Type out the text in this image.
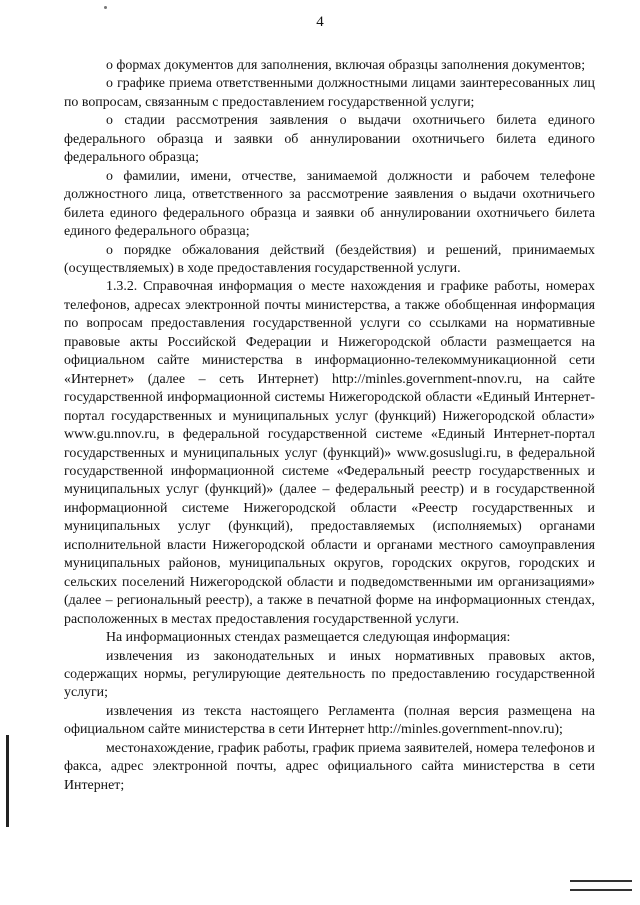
4

о формах документов для заполнения, включая образцы заполнения документов;

о графике приема ответственными должностными лицами заинтересованных лиц по вопросам, связанным с предоставлением государственной услуги;

о стадии рассмотрения заявления о выдачи охотничьего билета единого федерального образца и заявки об аннулировании охотничьего билета единого федерального образца;

о фамилии, имени, отчестве, занимаемой должности и рабочем телефоне должностного лица, ответственного за рассмотрение заявления о выдачи охотничьего билета единого федерального образца и заявки об аннулировании охотничьего билета единого федерального образца;

о порядке обжалования действий (бездействия) и решений, принимаемых (осуществляемых) в ходе предоставления государственной услуги.

1.3.2. Справочная информация о месте нахождения и графике работы, номерах телефонов, адресах электронной почты министерства, а также обобщенная информация по вопросам предоставления государственной услуги со ссылками на нормативные правовые акты Российской Федерации и Нижегородской области размещается на официальном сайте министерства в информационно-телекоммуникационной сети «Интернет» (далее – сеть Интернет) http://minles.government-nnov.ru, на сайте государственной информационной системы Нижегородской области «Единый Интернет-портал государственных и муниципальных услуг (функций) Нижегородской области» www.gu.nnov.ru, в федеральной государственной системе «Единый Интернет-портал государственных и муниципальных услуг (функций)» www.gosuslugi.ru, в федеральной государственной информационной системе «Федеральный реестр государственных и муниципальных услуг (функций)» (далее – федеральный реестр) и в государственной информационной системе Нижегородской области «Реестр государственных и муниципальных услуг (функций), предоставляемых (исполняемых) органами исполнительной власти Нижегородской области и органами местного самоуправления муниципальных районов, муниципальных округов, городских округов, городских и сельских поселений Нижегородской области и подведомственными им организациями» (далее – региональный реестр), а также в печатной форме на информационных стендах, расположенных в местах предоставления государственной услуги.

На информационных стендах размещается следующая информация:

извлечения из законодательных и иных нормативных правовых актов, содержащих нормы, регулирующие деятельность по предоставлению государственной услуги;

извлечения из текста настоящего Регламента (полная версия размещена на официальном сайте министерства в сети Интернет http://minles.government-nnov.ru);

местонахождение, график работы, график приема заявителей, номера телефонов и факса, адрес электронной почты, адрес официального сайта министерства в сети Интернет;
